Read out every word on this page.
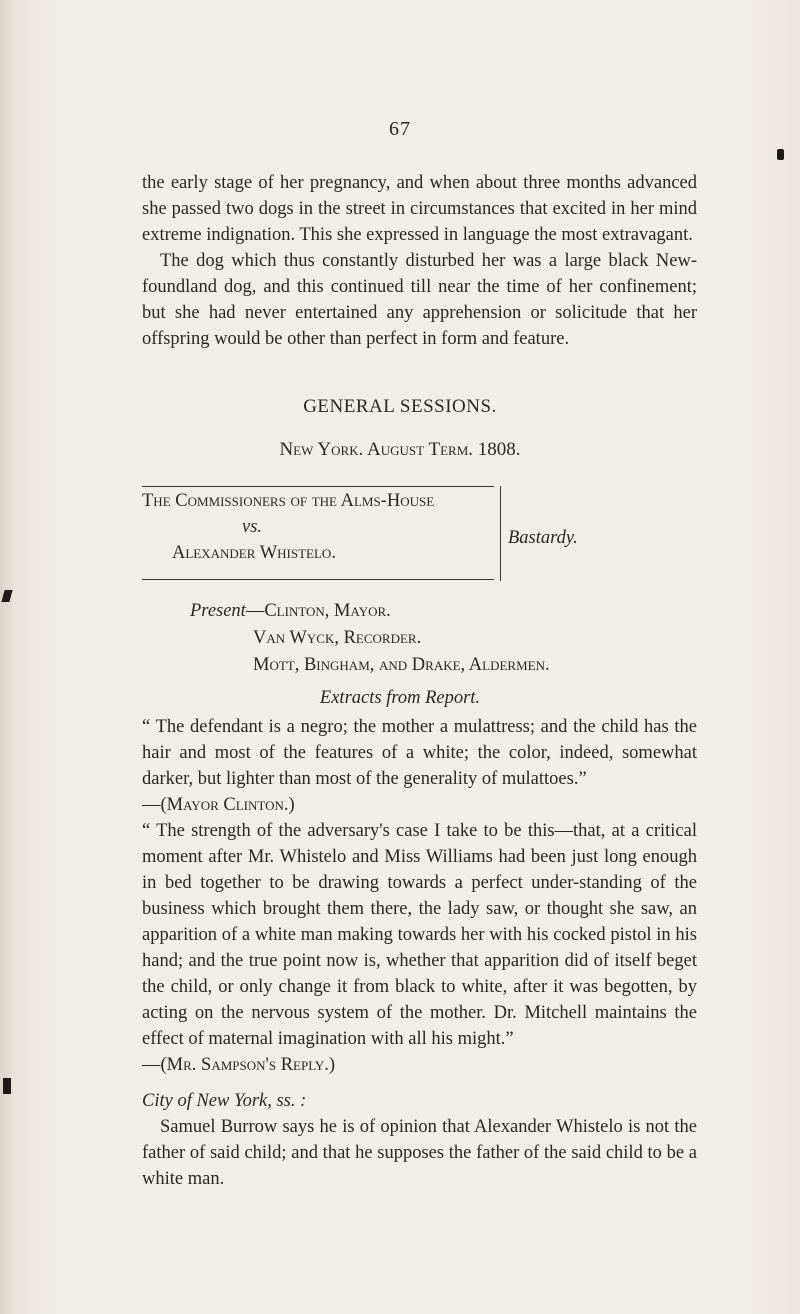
67

the early stage of her pregnancy, and when about three months advanced she passed two dogs in the street in circumstances that excited in her mind extreme indignation. This she expressed in language the most extravagant.

The dog which thus constantly disturbed her was a large black New-foundland dog, and this continued till near the time of her confinement; but she had never entertained any apprehension or solicitude that her offspring would be other than perfect in form and feature.

GENERAL SESSIONS.
New York. August Term. 1808.
The Commissioners of the Alms-House
vs.
Alexander Whistelo.
Bastardy.
Present—Clinton, Mayor.
Van Wyck, Recorder.
Mott, Bingham, and Drake, Aldermen.
Extracts from Report.

“ The defendant is a negro; the mother a mulattress; and the child has the hair and most of the features of a white; the color, indeed, somewhat darker, but lighter than most of the generality of mulattoes.”

—(Mayor Clinton.)

“ The strength of the adversary's case I take to be this—that, at a critical moment after Mr. Whistelo and Miss Williams had been just long enough in bed together to be drawing towards a perfect under-standing of the business which brought them there, the lady saw, or thought she saw, an apparition of a white man making towards her with his cocked pistol in his hand; and the true point now is, whether that apparition did of itself beget the child, or only change it from black to white, after it was begotten, by acting on the nervous system of the mother. Dr. Mitchell maintains the effect of maternal imagination with all his might.”

—(Mr. Sampson's Reply.)

City of New York, ss. :

Samuel Burrow says he is of opinion that Alexander Whistelo is not the father of said child; and that he supposes the father of the said child to be a white man.
